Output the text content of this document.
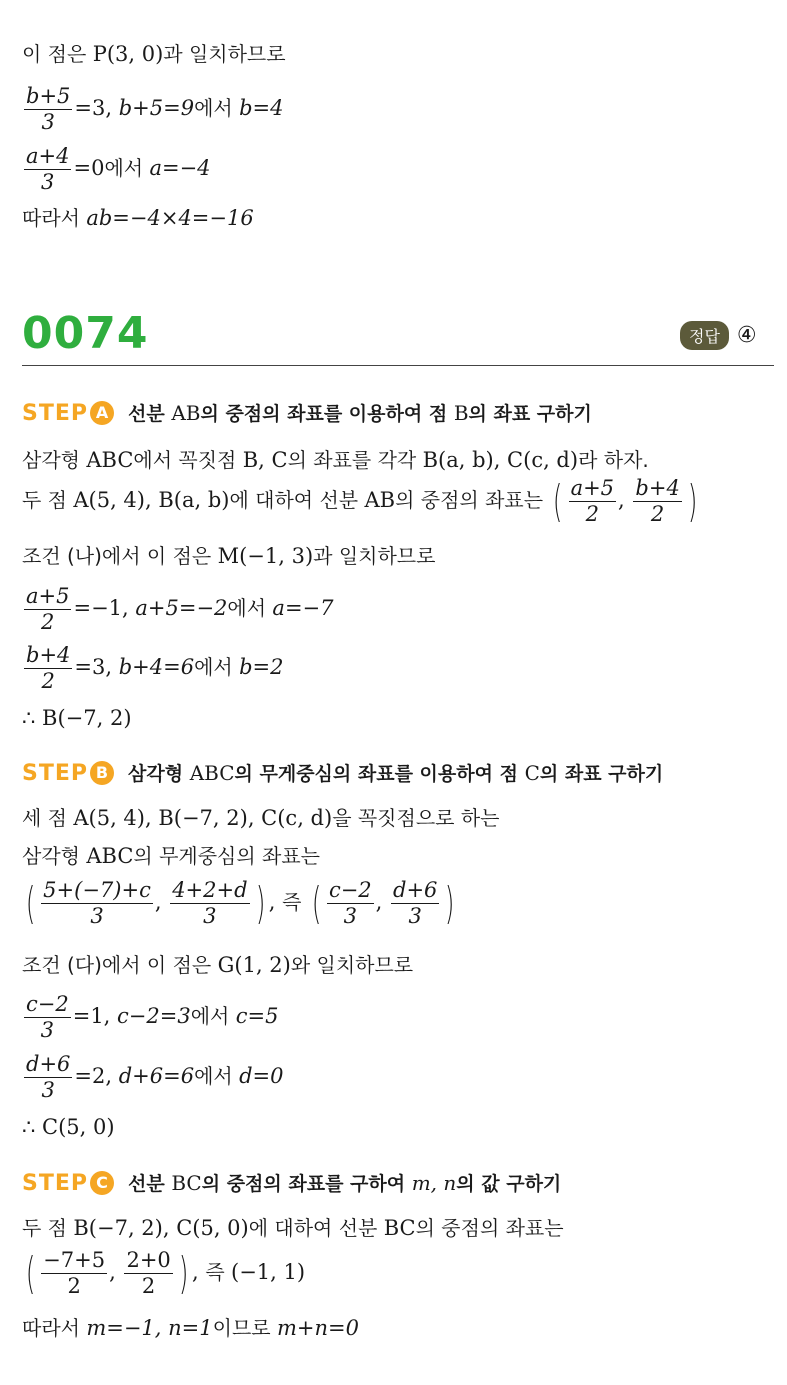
이 점은 P(3, 0)과 일치하므로
$\frac{b+5}{3} =3$, b+5=9에서 b=4
$\frac{a+4}{3} =0$에서 a=−4
따라서 ab=−4×4=−16
0074	정답 ④
STEP A 선분 AB의 중점의 좌표를 이용하여 점 B의 좌표 구하기
삼각형 ABC에서 꼭짓점 B, C의 좌표를 각각 B(a, b), C(c, d)라 하자.
두 점 A(5, 4), B(a, b)에 대하여 선분 AB의 중점의 좌표는 ( $\frac{a+5}{2}$ , $\frac{b+4}{2}$ )
조건 (나)에서 이 점은 M(−1, 3)과 일치하므로
$\frac{a+5}{2} =-1$, a+5=−2에서 a=−7
$\frac{b+4}{2} =3$, b+4=6에서 b=2
∴ B(−7, 2)
STEP B 삼각형 ABC의 무게중심의 좌표를 이용하여 점 C의 좌표 구하기
세 점 A(5, 4), B(−7, 2), C(c, d)을 꼭짓점으로 하는
삼각형 ABC의 무게중심의 좌표는
( $\frac{5+(-7)+c}{3}$ , $\frac{4+2+d}{3}$ ) , 즉 ( $\frac{c-2}{3}$ , $\frac{d+6}{3}$ )
조건 (다)에서 이 점은 G(1, 2)와 일치하므로
$\frac{c-2}{3} =1$, c−2=3에서 c=5
$\frac{d+6}{3} =2$, d+6=6에서 d=0
∴ C(5, 0)
STEP C 선분 BC의 중점의 좌표를 구하여 m, n의 값 구하기
두 점 B(−7, 2), C(5, 0)에 대하여 선분 BC의 중점의 좌표는
( $\frac{-7+5}{2}$ , $\frac{2+0}{2}$ ) , 즉 (−1, 1)
따라서 m=−1, n=1이므로 m+n=0
